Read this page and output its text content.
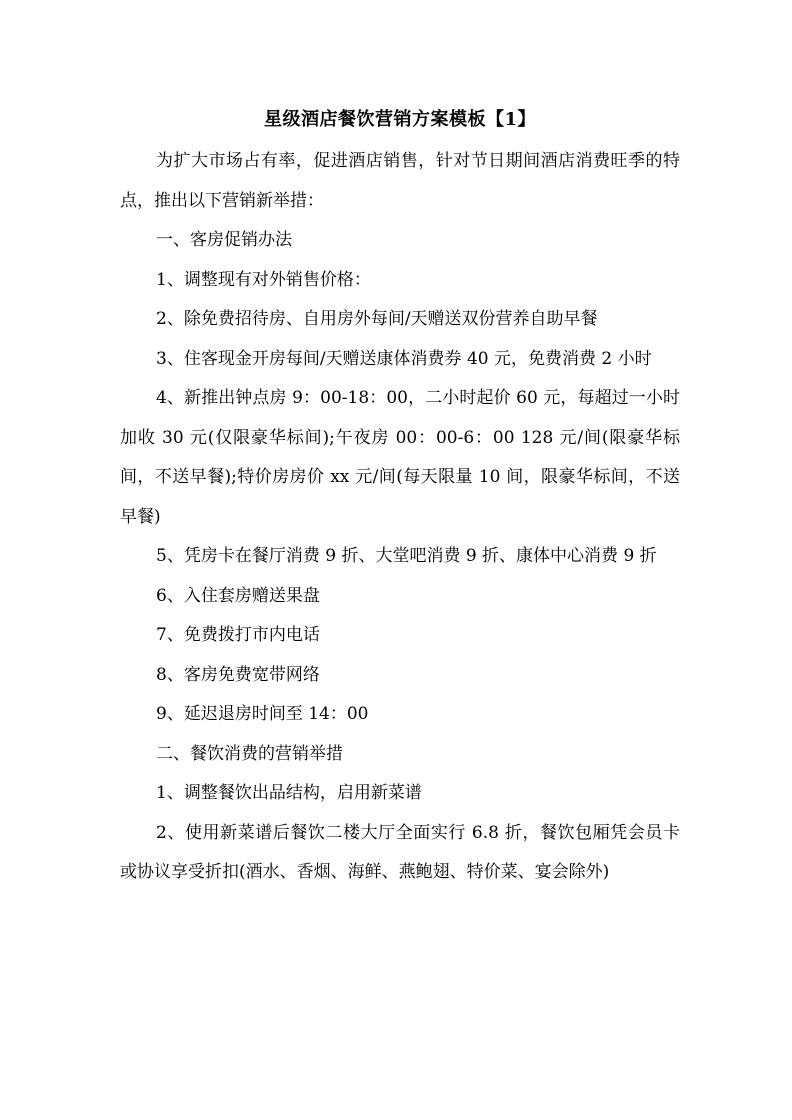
星级酒店餐饮营销方案模板【1】

为扩大市场占有率，促进酒店销售，针对节日期间酒店消费旺季的特点，推出以下营销新举措：

一、客房促销办法

1、调整现有对外销售价格：

2、除免费招待房、自用房外每间/天赠送双份营养自助早餐

3、住客现金开房每间/天赠送康体消费券 40 元，免费消费 2 小时

4、新推出钟点房 9：00-18：00，二小时起价 60 元，每超过一小时加收 30 元(仅限豪华标间);午夜房 00：00-6：00 128 元/间(限豪华标间，不送早餐);特价房房价 xx 元/间(每天限量 10 间，限豪华标间，不送早餐)

5、凭房卡在餐厅消费 9 折、大堂吧消费 9 折、康体中心消费 9 折

6、入住套房赠送果盘

7、免费拨打市内电话

8、客房免费宽带网络

9、延迟退房时间至 14：00

二、餐饮消费的营销举措

1、调整餐饮出品结构，启用新菜谱

2、使用新菜谱后餐饮二楼大厅全面实行 6.8 折，餐饮包厢凭会员卡或协议享受折扣(酒水、香烟、海鲜、燕鲍翅、特价菜、宴会除外)
